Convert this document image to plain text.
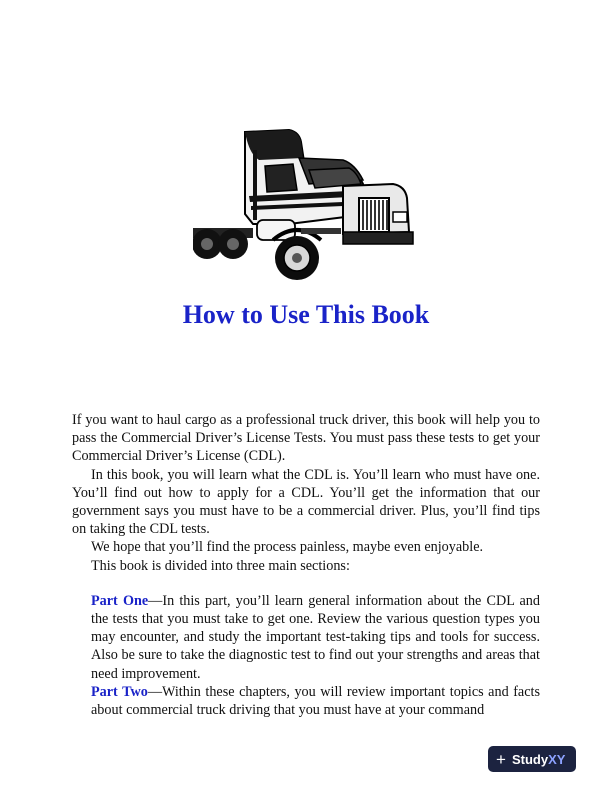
How to Use This Book

If you want to haul cargo as a professional truck driver, this book will help you to pass the Commercial Driver’s License Tests. You must pass these tests to get your Commercial Driver’s License (CDL).

In this book, you will learn what the CDL is. You’ll learn who must have one. You’ll find out how to apply for a CDL. You’ll get the information that our government says you must have to be a commercial driver. Plus, you’ll find tips on taking the CDL tests.

We hope that you’ll find the process painless, maybe even enjoyable.

This book is divided into three main sections:

Part One—In this part, you’ll learn general information about the CDL and the tests that you must take to get one. Review the various question types you may encounter, and study the important test-taking tips and tools for success. Also be sure to take the diagnostic test to find out your strengths and areas that need improvement.

Part Two—Within these chapters, you will review important topics and facts about commercial truck driving that you must have at your command

+ Study XY
